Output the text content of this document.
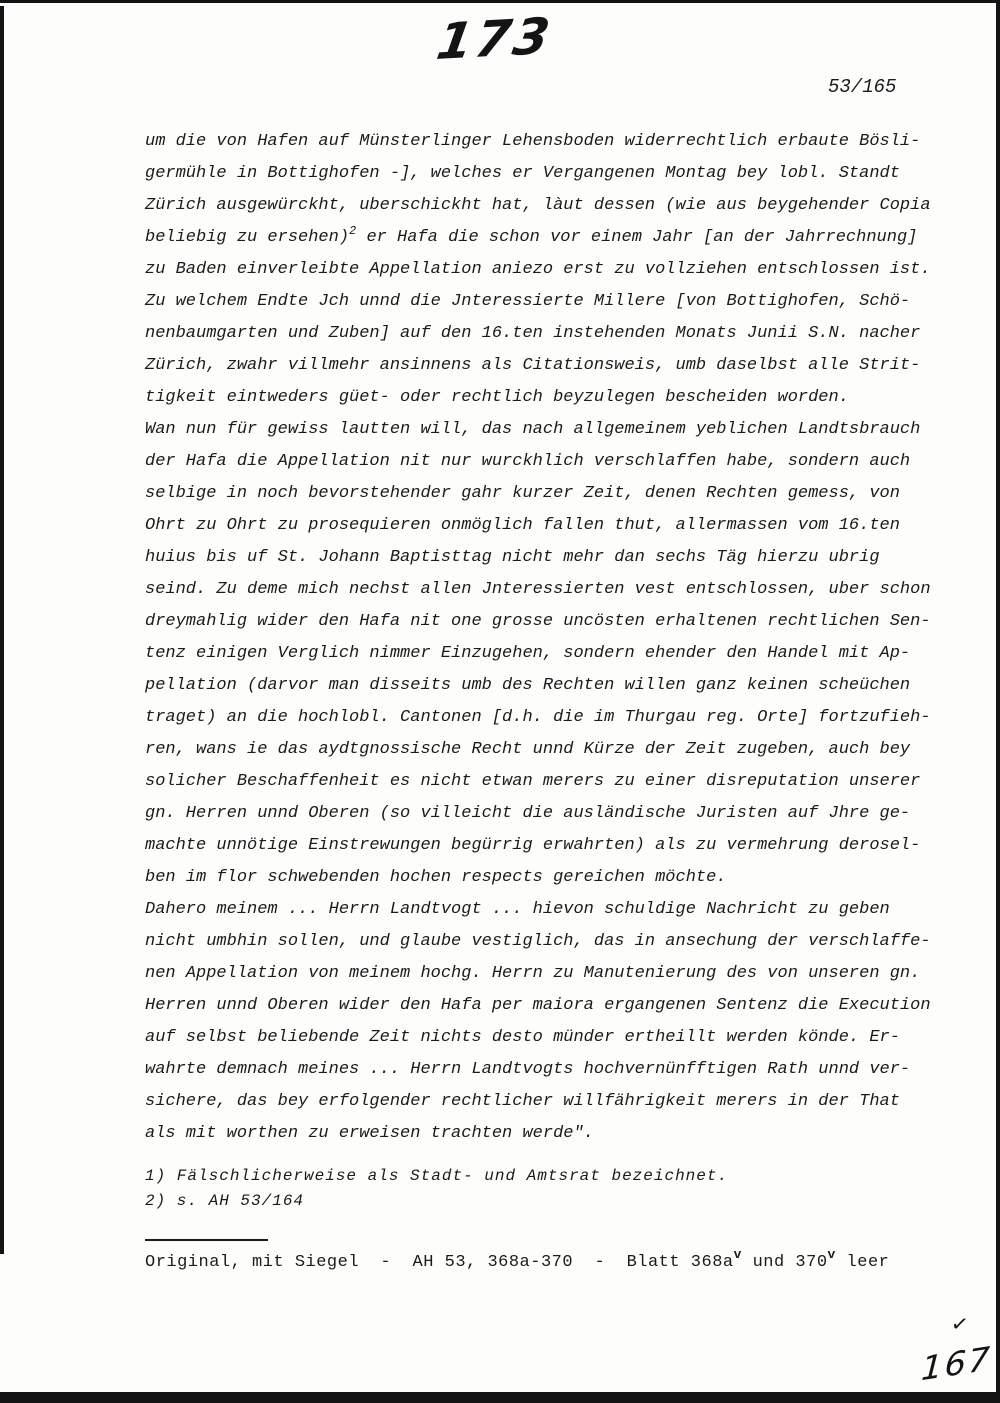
173
53/165
um die von Hafen auf Münsterlinger Lehensboden widerrechtlich erbaute Bösli-
germühle in Bottighofen -], welches er Vergangenen Montag bey lobl. Standt
Zürich ausgewürckht, uberschickht hat, làut dessen (wie aus beygehender Copia
beliebig zu ersehen)$^2$ er Hafa die schon vor einem Jahr [an der Jahrrechnung]
zu Baden einverleibte Appellation aniezo erst zu vollziehen entschlossen ist.
Zu welchem Endte Jch unnd die Jnteressierte Millere [von Bottighofen, Schö-
nenbaumgarten und Zuben] auf den 16.ten instehenden Monats Junii S.N. nacher
Zürich, zwahr villmehr ansinnens als Citationsweis, umb daselbst alle Strit-
tigkeit eintweders güet- oder rechtlich beyzulegen bescheiden worden.
Wan nun für gewiss lautten will, das nach allgemeinem yeblichen Landtsbrauch
der Hafa die Appellation nit nur wurckhlich verschlaffen habe, sondern auch
selbige in noch bevorstehender gahr kurzer Zeit, denen Rechten gemess, von
Ohrt zu Ohrt zu prosequieren onmöglich fallen thut, allermassen vom 16.ten
huius bis uf St. Johann Baptisttag nicht mehr dan sechs Täg hierzu ubrig
seind. Zu deme mich nechst allen Jnteressierten vest entschlossen, uber schon
dreymahlig wider den Hafa nit one grosse uncösten erhaltenen rechtlichen Sen-
tenz einigen Verglich nimmer Einzugehen, sondern ehender den Handel mit Ap-
pellation (darvor man disseits umb des Rechten willen ganz keinen scheüchen
traget) an die hochlobl. Cantonen [d.h. die im Thurgau reg. Orte] fortzufieh-
ren, wans ie das aydtgnossische Recht unnd Kürze der Zeit zugeben, auch bey
solicher Beschaffenheit es nicht etwan merers zu einer disreputation unserer
gn. Herren unnd Oberen (so villeicht die ausländische Juristen auf Jhre ge-
machte unnötige Einstrewungen begürrig erwahrten) als zu vermehrung derosel-
ben im flor schwebenden hochen respects gereichen möchte.
Dahero meinem ... Herrn Landtvogt ... hievon schuldige Nachricht zu geben
nicht umbhin sollen, und glaube vestiglich, das in ansechung der verschlaffe-
nen Appellation von meinem hochg. Herrn zu Manutenierung des von unseren gn.
Herren unnd Oberen wider den Hafa per maiora ergangenen Sentenz die Execution
auf selbst beliebende Zeit nichts desto münder ertheillt werden könde. Er-
wahrte demnach meines ... Herrn Landtvogts hochvernünfftigen Rath unnd ver-
sichere, das bey erfolgender rechtlicher willfährigkeit merers in der That
als mit worthen zu erweisen trachten werde".
1) Fälschlicherweise als Stadt- und Amtsrat bezeichnet.
2) s. AH 53/164
Original, mit Siegel  -  AH 53, 368a-370  -  Blatt $368a^v$ und 370$^v$ leer
✓
167
